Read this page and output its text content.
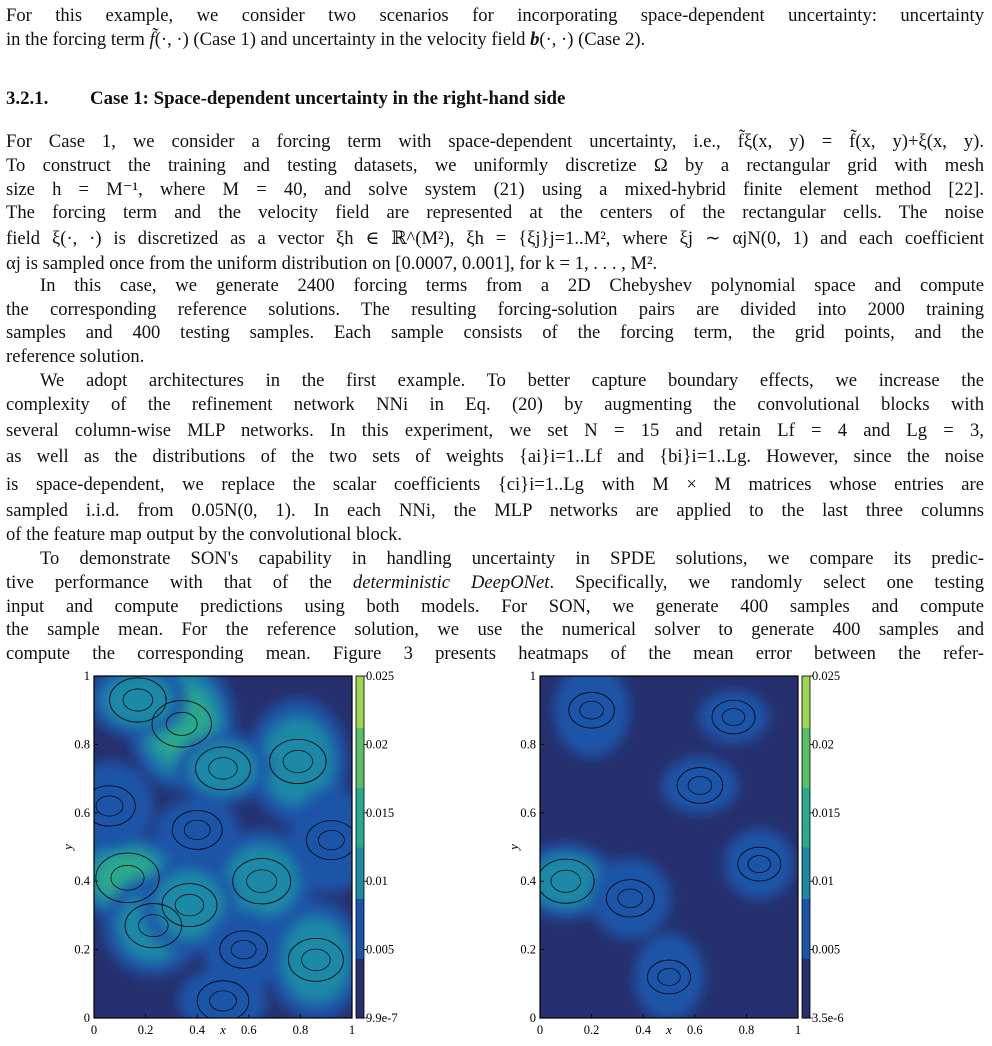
For this example, we consider two scenarios for incorporating space-dependent uncertainty: uncertainty

in the forcing term f̃(·, ·) (Case 1) and uncertainty in the velocity field b(·, ·) (Case 2).

3.2.1. Case 1: Space-dependent uncertainty in the right-hand side

For Case 1, we consider a forcing term with space-dependent uncertainty, i.e., f̃ξ(x, y) = f̃(x, y)+ξ(x, y).

To construct the training and testing datasets, we uniformly discretize Ω by a rectangular grid with mesh

size h = M⁻¹, where M = 40, and solve system (21) using a mixed-hybrid finite element method [22].

The forcing term and the velocity field are represented at the centers of the rectangular cells. The noise

field ξ(·, ·) is discretized as a vector ξh ∈ ℝ^(M²), ξh = {ξj}j=1..M², where ξj ∼ αjN(0, 1) and each coefficient

αj is sampled once from the uniform distribution on [0.0007, 0.001], for k = 1, . . . , M².

In this case, we generate 2400 forcing terms from a 2D Chebyshev polynomial space and compute

the corresponding reference solutions. The resulting forcing-solution pairs are divided into 2000 training

samples and 400 testing samples. Each sample consists of the forcing term, the grid points, and the

reference solution.

We adopt architectures in the first example. To better capture boundary effects, we increase the

complexity of the refinement network NNi in Eq. (20) by augmenting the convolutional blocks with

several column-wise MLP networks. In this experiment, we set N = 15 and retain Lf = 4 and Lg = 3,

as well as the distributions of the two sets of weights {ai}i=1..Lf and {bi}i=1..Lg. However, since the noise

is space-dependent, we replace the scalar coefficients {ci}i=1..Lg with M × M matrices whose entries are

sampled i.i.d. from 0.05N(0, 1). In each NNi, the MLP networks are applied to the last three columns

of the feature map output by the convolutional block.

To demonstrate SON's capability in handling uncertainty in SPDE solutions, we compare its predic-

tive performance with that of the deterministic DeepONet. Specifically, we randomly select one testing

input and compute predictions using both models. For SON, we generate 400 samples and compute

the sample mean. For the reference solution, we use the numerical solver to generate 400 samples and

compute the corresponding mean. Figure 3 presents heatmaps of the mean error between the refer-

0	0.2	0.4	0.6	0.8	1
0
0.2
0.4
0.6
0.8
1
x
y
0.025
0.02
0.015
0.01
0.005
9.9e-7
0	0.2	0.4	0.6	0.8	1
0
0.2
0.4
0.6
0.8
1
x
y
0.025
0.02
0.015
0.01
0.005
3.5e-6
